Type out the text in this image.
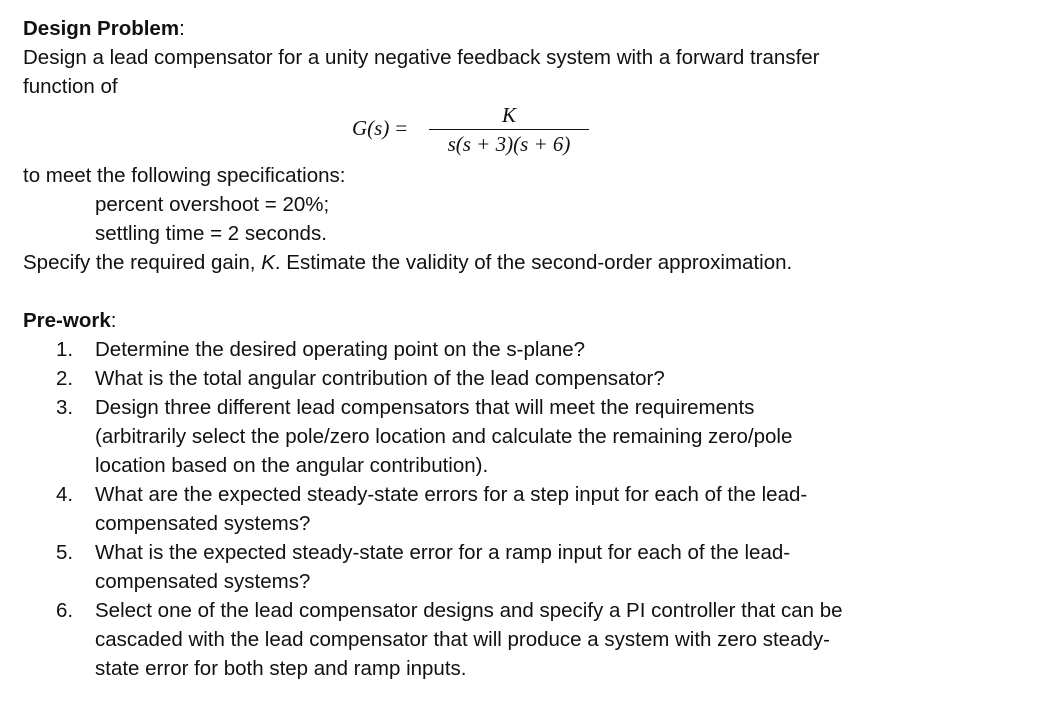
Design Problem:
Design a lead compensator for a unity negative feedback system with a forward transfer
function of
G(s) =
K
s(s + 3)(s + 6)
to meet the following specifications:
percent overshoot = 20%;
settling time = 2 seconds.
Specify the required gain, K. Estimate the validity of the second-order approximation.
Pre-work:
1. Determine the desired operating point on the s-plane?
2. What is the total angular contribution of the lead compensator?
3. Design three different lead compensators that will meet the requirements
(arbitrarily select the pole/zero location and calculate the remaining zero/pole
location based on the angular contribution).
4. What are the expected steady-state errors for a step input for each of the lead-
compensated systems?
5. What is the expected steady-state error for a ramp input for each of the lead-
compensated systems?
6. Select one of the lead compensator designs and specify a PI controller that can be
cascaded with the lead compensator that will produce a system with zero steady-
state error for both step and ramp inputs.
